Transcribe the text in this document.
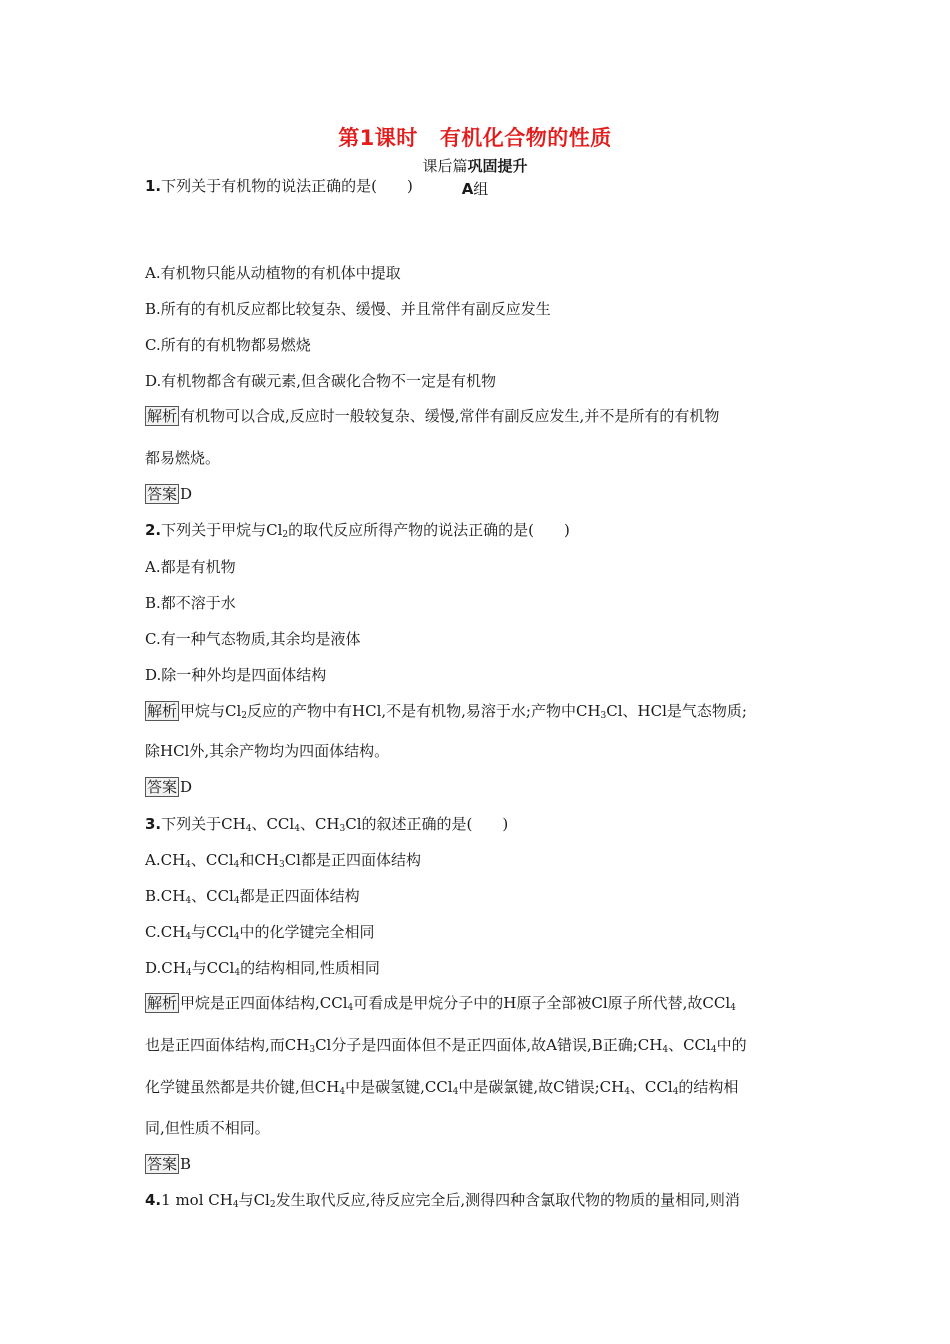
第1课时 有机化合物的性质
课后篇巩固提升
A组
1.下列关于有机物的说法正确的是(　　)
A.有机物只能从动植物的有机体中提取
B.所有的有机反应都比较复杂、缓慢、并且常伴有副反应发生
C.所有的有机物都易燃烧
D.有机物都含有碳元素,但含碳化合物不一定是有机物
解析 有机物可以合成,反应时一般较复杂、缓慢,常伴有副反应发生,并不是所有的有机物
都易燃烧。
答案 D
2.下列关于甲烷与$Cl_2$的取代反应所得产物的说法正确的是(　　)
A.都是有机物
B.都不溶于水
C.有一种气态物质,其余均是液体
D.除一种外均是四面体结构
解析 甲烷与$Cl_2$反应的产物中有HCl,不是有机物,易溶于水;产物中$CH_3Cl$、HCl是气态物质;
除HCl外,其余产物均为四面体结构。
答案 D
3.下列关于$CH_4$、CCl$_4$、$CH_3Cl$的叙述正确的是(　　)
$A.CH_4$、CCl$_4$和$CH_3Cl$都是正四面体结构
$B.CH_4$、CCl$_4$都是正四面体结构
$C.CH_4$与CCl$_4$中的化学键完全相同
$D.CH_4$与CCl$_4$的结构相同,性质相同
解析 甲烷是正四面体结构,CCl$_4$可看成是甲烷分子中的H原子全部被Cl原子所代替,故CCl$_4$
也是正四面体结构,而$CH_3Cl$分子是四面体但不是正四面体,故A错误,B正确$;CH_4$、CCl$_4$中的
化学键虽然都是共价键,但$CH_4$中是碳氢键,CCl$_4$中是碳氯键,故C错误$;CH_4$、CCl$_4$的结构相
同,但性质不相同。
答案 B
4.1 mol $CH_4$与$Cl_2$发生取代反应,待反应完全后,测得四种含氯取代物的物质的量相同,则消
